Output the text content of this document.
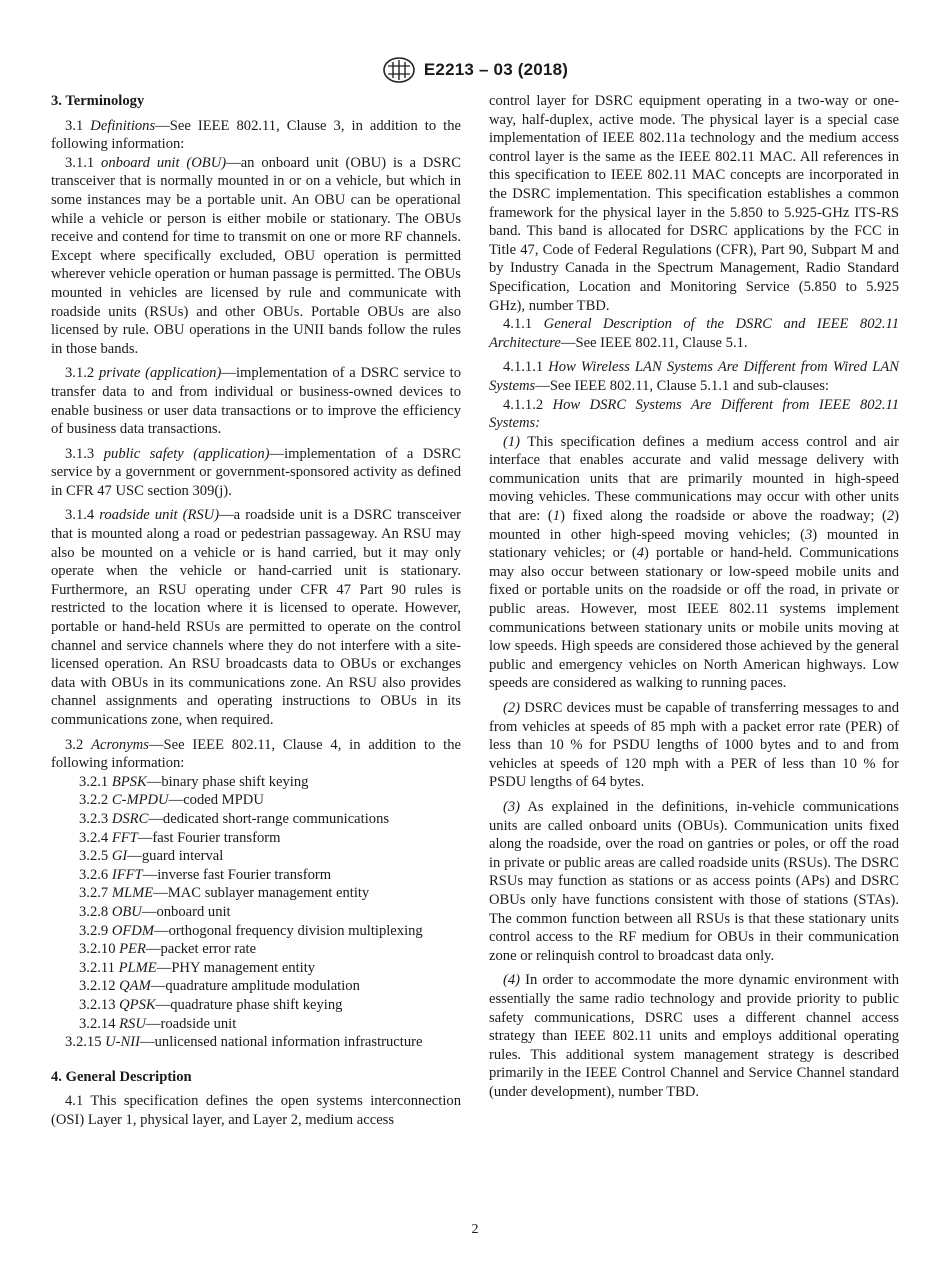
E2213 – 03 (2018)
3. Terminology

3.1 Definitions—See IEEE 802.11, Clause 3, in addition to the following information:

3.1.1 onboard unit (OBU)—an onboard unit (OBU) is a DSRC transceiver that is normally mounted in or on a vehicle, but which in some instances may be a portable unit. An OBU can be operational while a vehicle or person is either mobile or stationary. The OBUs receive and contend for time to transmit on one or more RF channels. Except where specifically excluded, OBU operation is permitted wherever vehicle operation or human passage is permitted. The OBUs mounted in vehicles are licensed by rule and communicate with roadside units (RSUs) and other OBUs. Portable OBUs are also licensed by rule. OBU operations in the UNII bands follow the rules in those bands.

3.1.2 private (application)—implementation of a DSRC service to transfer data to and from individual or business-owned devices to enable business or user data transactions or to improve the efficiency of business data transactions.

3.1.3 public safety (application)—implementation of a DSRC service by a government or government-sponsored activity as defined in CFR 47 USC section 309(j).

3.1.4 roadside unit (RSU)—a roadside unit is a DSRC transceiver that is mounted along a road or pedestrian passageway. An RSU may also be mounted on a vehicle or is hand carried, but it may only operate when the vehicle or hand-carried unit is stationary. Furthermore, an RSU operating under CFR 47 Part 90 rules is restricted to the location where it is licensed to operate. However, portable or hand-held RSUs are permitted to operate on the control channel and service channels where they do not interfere with a site-licensed operation. An RSU broadcasts data to OBUs or exchanges data with OBUs in its communications zone. An RSU also provides channel assignments and operating instructions to OBUs in its communications zone, when required.

3.2 Acronyms—See IEEE 802.11, Clause 4, in addition to the following information:

3.2.1 BPSK—binary phase shift keying

3.2.2 C-MPDU—coded MPDU

3.2.3 DSRC—dedicated short-range communications

3.2.4 FFT—fast Fourier transform

3.2.5 GI—guard interval

3.2.6 IFFT—inverse fast Fourier transform

3.2.7 MLME—MAC sublayer management entity

3.2.8 OBU—onboard unit

3.2.9 OFDM—orthogonal frequency division multiplexing

3.2.10 PER—packet error rate

3.2.11 PLME—PHY management entity

3.2.12 QAM—quadrature amplitude modulation

3.2.13 QPSK—quadrature phase shift keying

3.2.14 RSU—roadside unit

3.2.15 U-NII—unlicensed national information infrastructure

4. General Description

4.1 This specification defines the open systems interconnection (OSI) Layer 1, physical layer, and Layer 2, medium access

control layer for DSRC equipment operating in a two-way or one-way, half-duplex, active mode. The physical layer is a special case implementation of IEEE 802.11a technology and the medium access control layer is the same as the IEEE 802.11 MAC. All references in this specification to IEEE 802.11 MAC concepts are incorporated in the DSRC implementation. This specification establishes a common framework for the physical layer in the 5.850 to 5.925-GHz ITS-RS band. This band is allocated for DSRC applications by the FCC in Title 47, Code of Federal Regulations (CFR), Part 90, Subpart M and by Industry Canada in the Spectrum Management, Radio Standard Specification, Location and Monitoring Service (5.850 to 5.925 GHz), number TBD.

4.1.1 General Description of the DSRC and IEEE 802.11 Architecture—See IEEE 802.11, Clause 5.1.

4.1.1.1 How Wireless LAN Systems Are Different from Wired LAN Systems—See IEEE 802.11, Clause 5.1.1 and sub-clauses:

4.1.1.2 How DSRC Systems Are Different from IEEE 802.11 Systems:

(1) This specification defines a medium access control and air interface that enables accurate and valid message delivery with communication units that are primarily mounted in high-speed moving vehicles. These communications may occur with other units that are: (1) fixed along the roadside or above the roadway; (2) mounted in other high-speed moving vehicles; (3) mounted in stationary vehicles; or (4) portable or hand-held. Communications may also occur between stationary or low-speed mobile units and fixed or portable units on the roadside or off the road, in private or public areas. However, most IEEE 802.11 systems implement communications between stationary units or mobile units moving at low speeds. High speeds are considered those achieved by the general public and emergency vehicles on North American highways. Low speeds are considered as walking to running paces.

(2) DSRC devices must be capable of transferring messages to and from vehicles at speeds of 85 mph with a packet error rate (PER) of less than 10 % for PSDU lengths of 1000 bytes and to and from vehicles at speeds of 120 mph with a PER of less than 10 % for PSDU lengths of 64 bytes.

(3) As explained in the definitions, in-vehicle communications units are called onboard units (OBUs). Communication units fixed along the roadside, over the road on gantries or poles, or off the road in private or public areas are called roadside units (RSUs). The DSRC RSUs may function as stations or as access points (APs) and DSRC OBUs only have functions consistent with those of stations (STAs). The common function between all RSUs is that these stationary units control access to the RF medium for OBUs in their communication zone or relinquish control to broadcast data only.

(4) In order to accommodate the more dynamic environment with essentially the same radio technology and provide priority to public safety communications, DSRC uses a different channel access strategy than IEEE 802.11 units and employs additional operating rules. This additional system management strategy is described primarily in the IEEE Control Channel and Service Channel standard (under development), number TBD.

2
